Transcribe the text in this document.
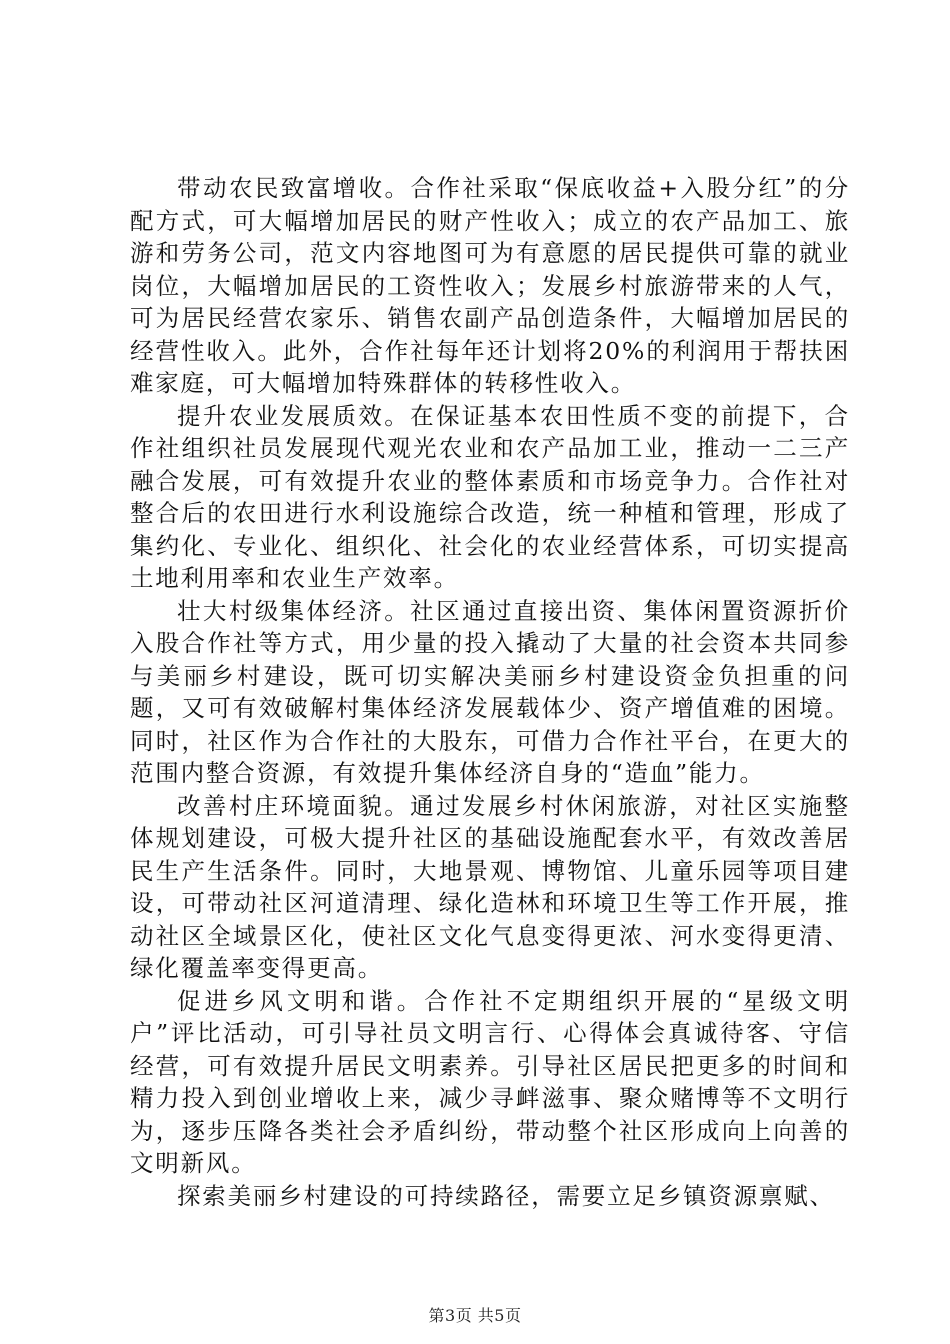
带动农民致富增收。合作社采取“保底收益+入股分红”的分配方式，可大幅增加居民的财产性收入；成立的农产品加工、旅游和劳务公司，范文内容地图可为有意愿的居民提供可靠的就业岗位，大幅增加居民的工资性收入；发展乡村旅游带来的人气，可为居民经营农家乐、销售农副产品创造条件，大幅增加居民的经营性收入。此外，合作社每年还计划将20%的利润用于帮扶困难家庭，可大幅增加特殊群体的转移性收入。

提升农业发展质效。在保证基本农田性质不变的前提下，合作社组织社员发展现代观光农业和农产品加工业，推动一二三产融合发展，可有效提升农业的整体素质和市场竞争力。合作社对整合后的农田进行水利设施综合改造，统一种植和管理，形成了集约化、专业化、组织化、社会化的农业经营体系，可切实提高土地利用率和农业生产效率。

壮大村级集体经济。社区通过直接出资、集体闲置资源折价入股合作社等方式，用少量的投入撬动了大量的社会资本共同参与美丽乡村建设，既可切实解决美丽乡村建设资金负担重的问题，又可有效破解村集体经济发展载体少、资产增值难的困境。同时，社区作为合作社的大股东，可借力合作社平台，在更大的范围内整合资源，有效提升集体经济自身的“造血”能力。

改善村庄环境面貌。通过发展乡村休闲旅游，对社区实施整体规划建设，可极大提升社区的基础设施配套水平，有效改善居民生产生活条件。同时，大地景观、博物馆、儿童乐园等项目建设，可带动社区河道清理、绿化造林和环境卫生等工作开展，推动社区全域景区化，使社区文化气息变得更浓、河水变得更清、绿化覆盖率变得更高。

促进乡风文明和谐。合作社不定期组织开展的“星级文明户”评比活动，可引导社员文明言行、心得体会真诚待客、守信经营，可有效提升居民文明素养。引导社区居民把更多的时间和精力投入到创业增收上来，减少寻衅滋事、聚众赌博等不文明行为，逐步压降各类社会矛盾纠纷，带动整个社区形成向上向善的文明新风。

探索美丽乡村建设的可持续路径，需要立足乡镇资源禀赋、

第3页 共5页
